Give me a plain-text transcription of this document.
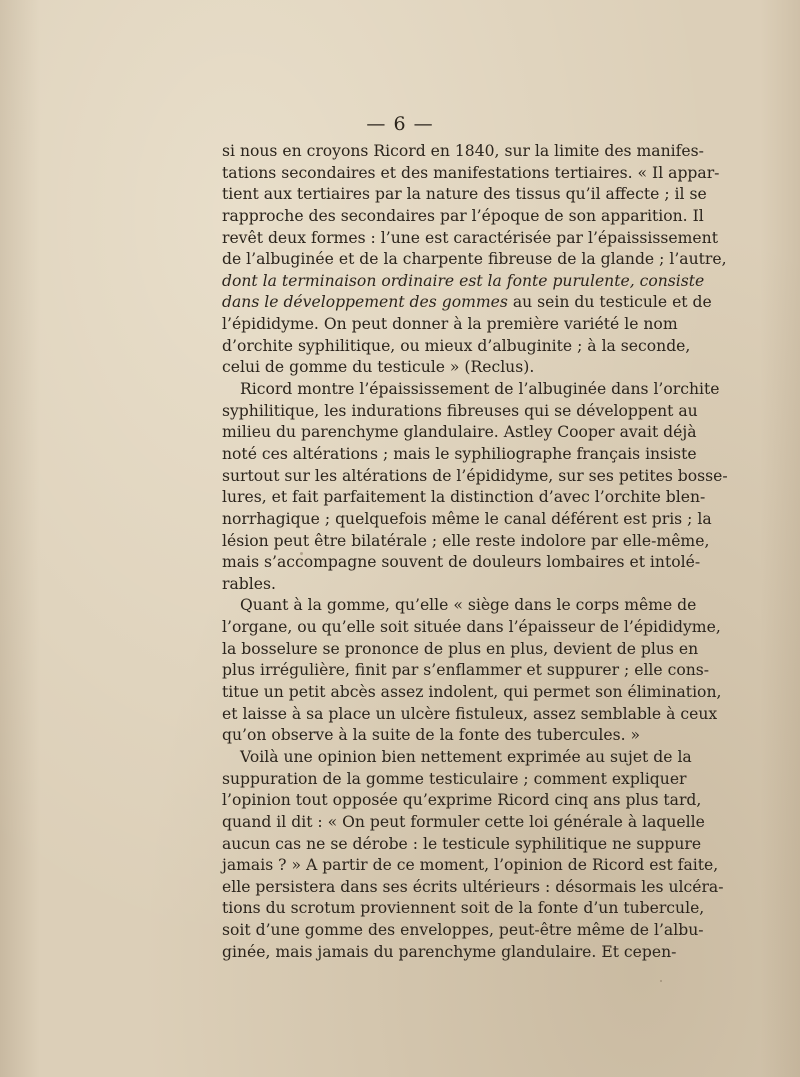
— 6 —
si nous en croyons Ricord en 1840, sur la limite des manifes-
tations secondaires et des manifestations tertiaires. « Il appar-
tient aux tertiaires par la nature des tissus qu’il affecte ; il se
rapproche des secondaires par l’époque de son apparition. Il
revêt deux formes : l’une est caractérisée par l’épaississement
de l’albuginée et de la charpente fibreuse de la glande ; l’autre,
dont la terminaison ordinaire est la fonte purulente, consiste
dans le développement des gommes au sein du testicule et de
l’épididyme. On peut donner à la première variété le nom
d’orchite syphilitique, ou mieux d’albuginite ; à la seconde,
celui de gomme du testicule » (Reclus).
Ricord montre l’épaississement de l’albuginée dans l’orchite
syphilitique, les indurations fibreuses qui se développent au
milieu du parenchyme glandulaire. Astley Cooper avait déjà
noté ces altérations ; mais le syphiliographe français insiste
surtout sur les altérations de l’épididyme, sur ses petites bosse-
lures, et fait parfaitement la distinction d’avec l’orchite blen-
norrhagique ; quelquefois même le canal déférent est pris ; la
lésion peut être bilatérale ; elle reste indolore par elle-même,
mais s’accompagne souvent de douleurs lombaires et intolé-
rables.
Quant à la gomme, qu’elle « siège dans le corps même de
l’organe, ou qu’elle soit située dans l’épaisseur de l’épididyme,
la bosselure se prononce de plus en plus, devient de plus en
plus irrégulière, finit par s’enflammer et suppurer ; elle cons-
titue un petit abcès assez indolent, qui permet son élimination,
et laisse à sa place un ulcère fistuleux, assez semblable à ceux
qu’on observe à la suite de la fonte des tubercules. »
Voilà une opinion bien nettement exprimée au sujet de la
suppuration de la gomme testiculaire ; comment expliquer
l’opinion tout opposée qu’exprime Ricord cinq ans plus tard,
quand il dit : « On peut formuler cette loi générale à laquelle
aucun cas ne se dérobe : le testicule syphilitique ne suppure
jamais ? » A partir de ce moment, l’opinion de Ricord est faite,
elle persistera dans ses écrits ultérieurs : désormais les ulcéra-
tions du scrotum proviennent soit de la fonte d’un tubercule,
soit d’une gomme des enveloppes, peut-être même de l’albu-
ginée, mais jamais du parenchyme glandulaire. Et cepen-
